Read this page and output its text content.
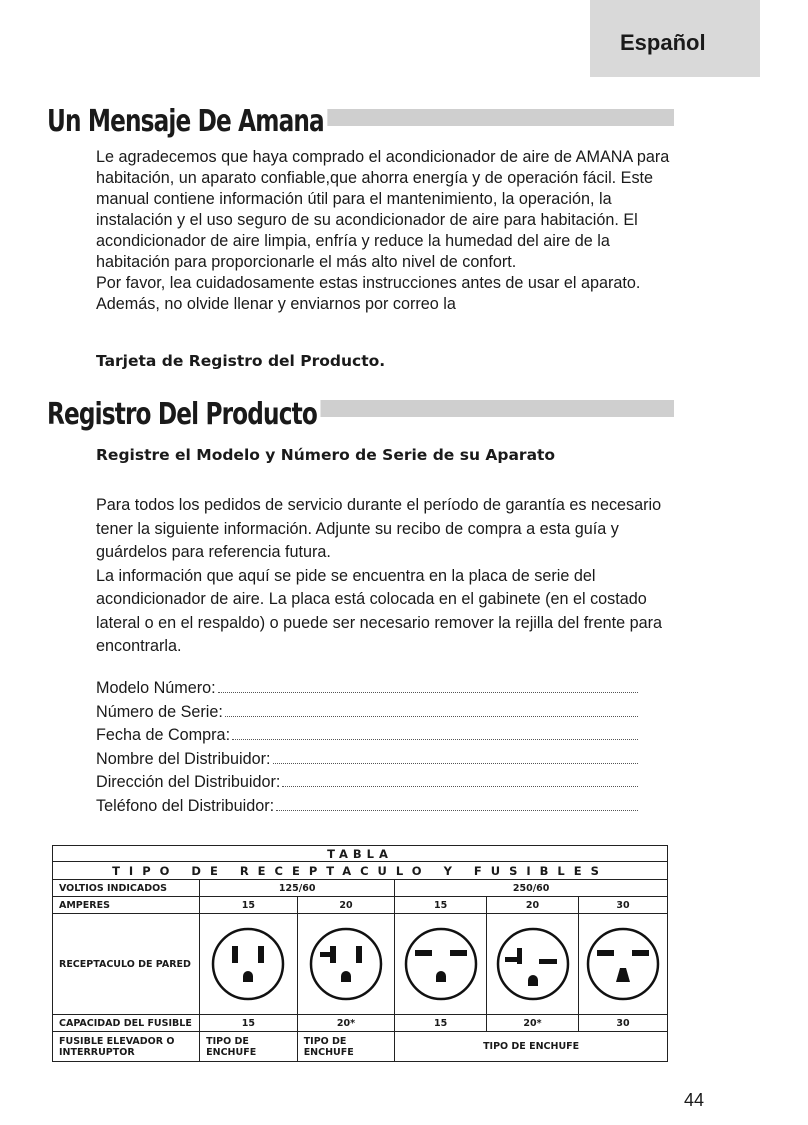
Español
Un Mensaje De Amana

Le agradecemos que haya comprado el acondicionador de aire de AMANA para habitación, un aparato confiable,que ahorra energía y de operación fácil. Este manual contiene información útil para el mantenimiento, la operación, la instalación y el uso seguro de su acondicionador de aire para habitación. El acondicionador de aire limpia, enfría y reduce la humedad del aire de la habitación para proporcionarle el más alto nivel de confort.

Por favor, lea cuidadosamente estas instrucciones antes de usar el aparato. Además, no olvide llenar y enviarnos por correo la

Tarjeta de Registro del Producto.
Registro Del Producto
Registre el Modelo y Número de Serie de su Aparato

Para todos los pedidos de servicio durante el período de garantía es necesario tener la siguiente información. Adjunte su recibo de compra a esta guía y guárdelos para referencia futura.

La información que aquí se pide se encuentra en la placa de serie del acondicionador de aire. La placa está colocada en el gabinete (en el costado lateral o en el respaldo) o puede ser necesario remover la rejilla del frente para encontrarla.

Modelo Número:
Número de Serie:
Fecha de Compra:
Nombre del Distribuidor:
Dirección del Distribuidor:
Teléfono del Distribuidor:
TABLA					
TIPO DE RECEPTACULO Y FUSIBLES					
VOLTIOS INDICADOS	125/60		250/60		
AMPERES	15	20	15	20	30
RECEPTACULO DE PARED	

CAPACIDAD DEL FUSIBLE	15	20*	15	20*	30
FUSIBLE ELEVADOR O INTERRUPTOR	TIPO DE ENCHUFE	TIPO DE ENCHUFE	TIPO DE ENCHUFE		
44
